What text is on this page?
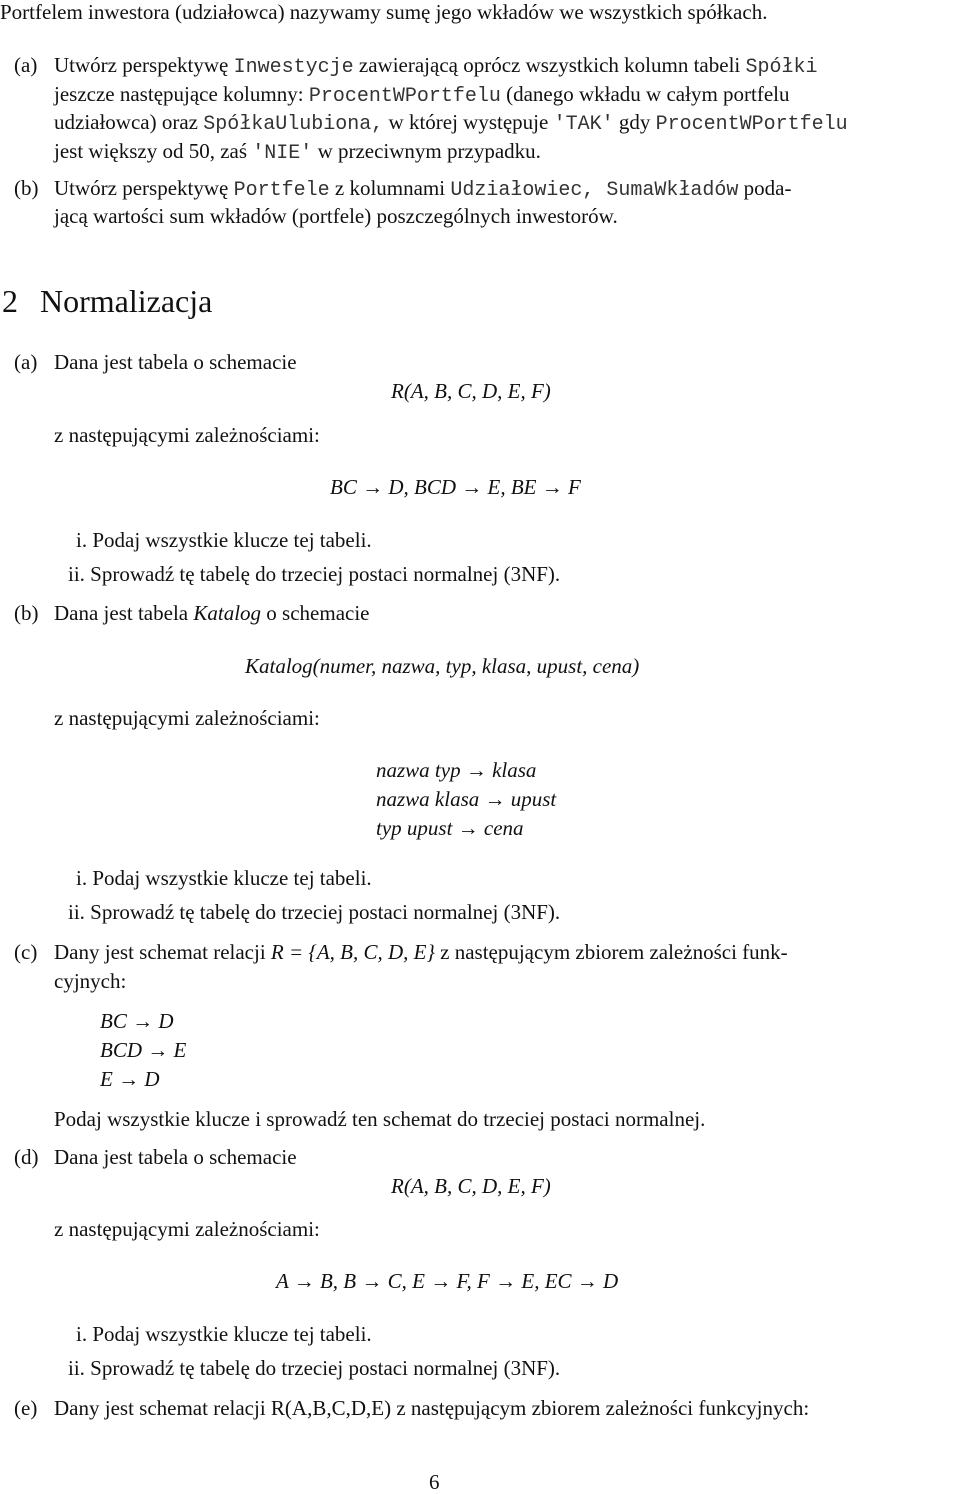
Portfelem inwestora (udziałowca) nazywamy sumę jego wkładów we wszystkich spółkach.
(a) Utwórz perspektywę Inwestycje zawierającą oprócz wszystkich kolumn tabeli Spółki
jeszcze następujące kolumny: ProcentWPortfelu (danego wkładu w całym portfelu
udziałowca) oraz SpółkaUlubiona, w której występuje 'TAK' gdy ProcentWPortfelu
jest większy od 50, zaś 'NIE' w przeciwnym przypadku.
(b) Utwórz perspektywę Portfele z kolumnami Udziałowiec, SumaWkładów poda-
jącą wartości sum wkładów (portfele) poszczególnych inwestorów.
2 Normalizacja
(a) Dana jest tabela o schemacie
R(A, B, C, D, E, F)
z następującymi zależnościami:
BC → D, BCD → E, BE → F
i. Podaj wszystkie klucze tej tabeli.
ii. Sprowadź tę tabelę do trzeciej postaci normalnej (3NF).
(b) Dana jest tabela Katalog o schemacie
Katalog(numer, nazwa, typ, klasa, upust, cena)
z następującymi zależnościami:
nazwa typ → klasa
nazwa klasa → upust
typ upust → cena
i. Podaj wszystkie klucze tej tabeli.
ii. Sprowadź tę tabelę do trzeciej postaci normalnej (3NF).
(c) Dany jest schemat relacji R = {A, B, C, D, E} z następującym zbiorem zależności funk-
cyjnych:
BC → D
BCD → E
E → D
Podaj wszystkie klucze i sprowadź ten schemat do trzeciej postaci normalnej.
(d) Dana jest tabela o schemacie
R(A, B, C, D, E, F)
z następującymi zależnościami:
A → B, B → C, E → F, F → E, EC → D
i. Podaj wszystkie klucze tej tabeli.
ii. Sprowadź tę tabelę do trzeciej postaci normalnej (3NF).
(e) Dany jest schemat relacji R(A,B,C,D,E) z następującym zbiorem zależności funkcyjnych:
6
